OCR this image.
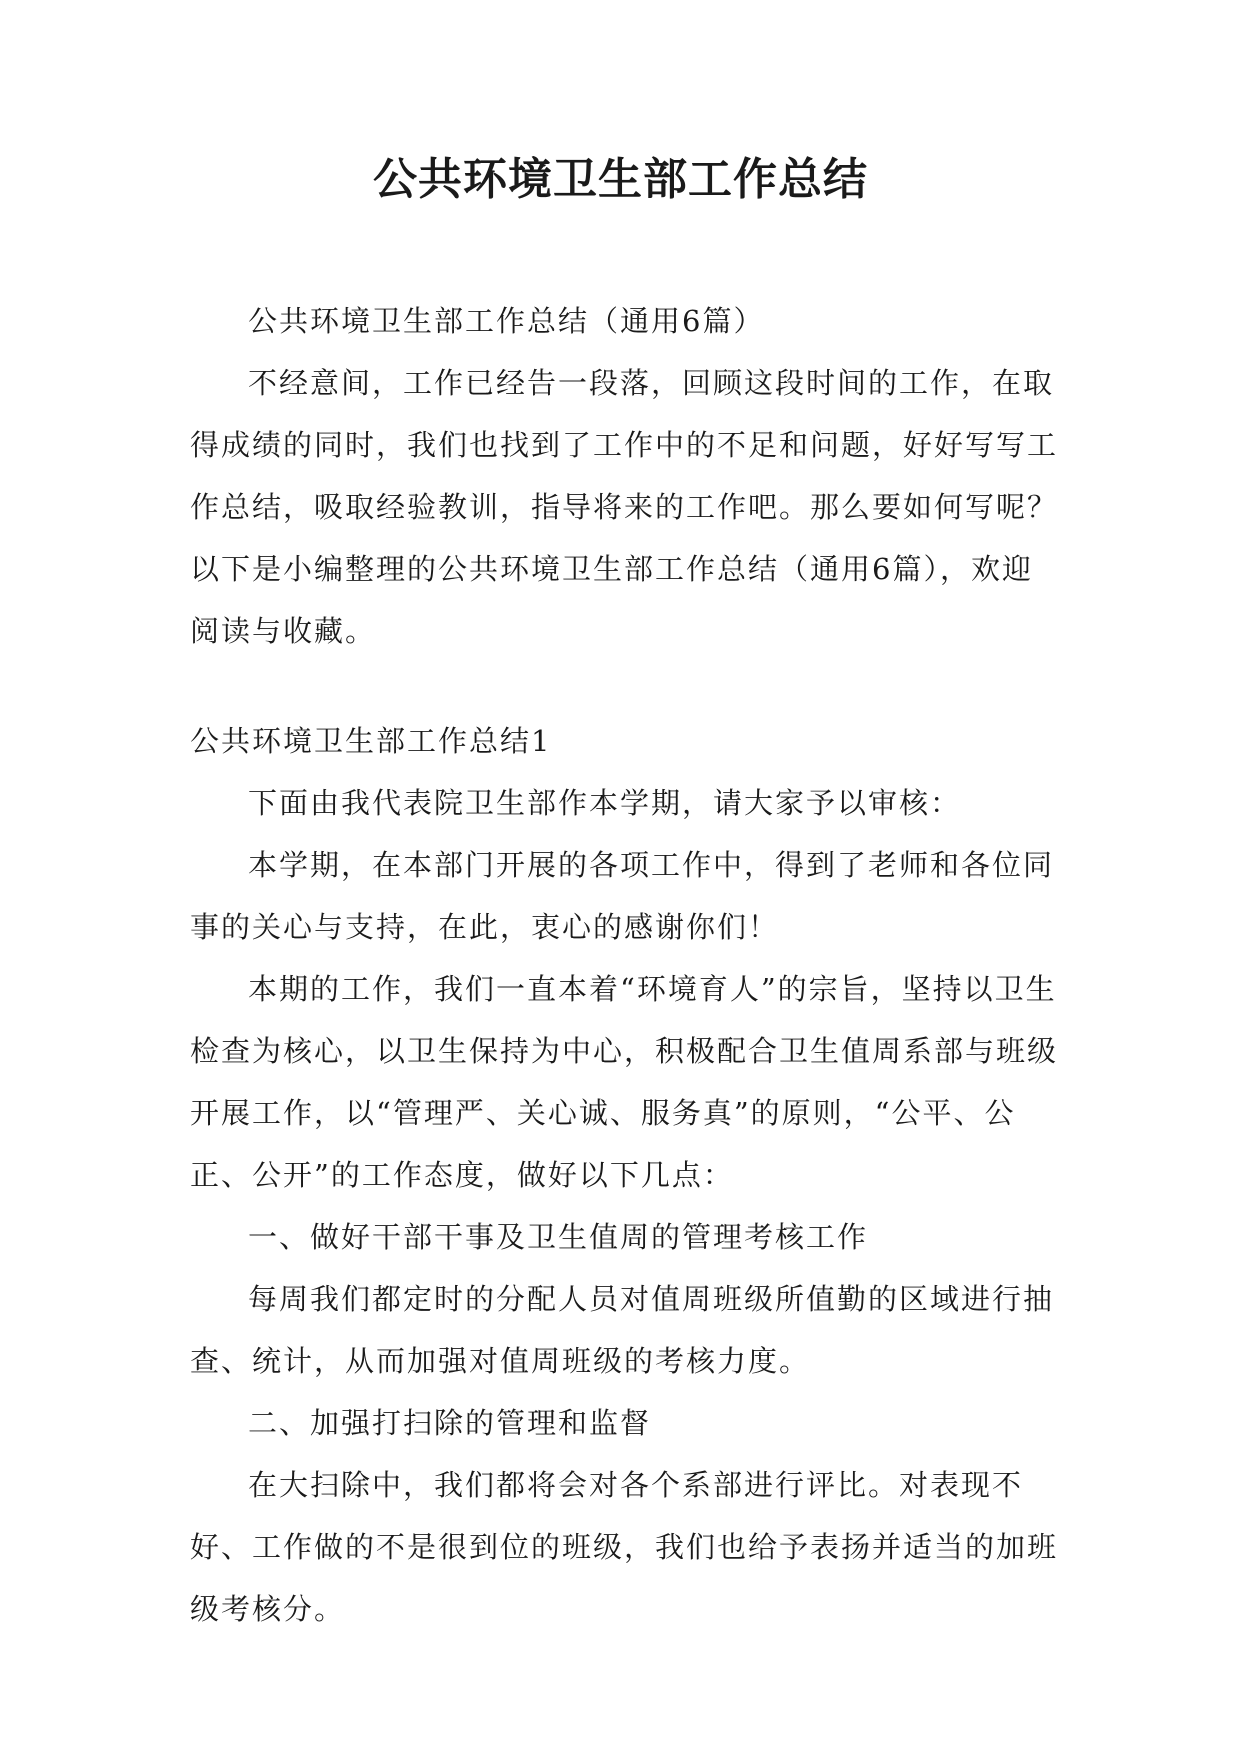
公共环境卫生部工作总结

公共环境卫生部工作总结（通用6篇）

不经意间，工作已经告一段落，回顾这段时间的工作，在取得成绩的同时，我们也找到了工作中的不足和问题，好好写写工作总结，吸取经验教训，指导将来的工作吧。那么要如何写呢？以下是小编整理的公共环境卫生部工作总结（通用6篇），欢迎阅读与收藏。

公共环境卫生部工作总结1

下面由我代表院卫生部作本学期，请大家予以审核：

本学期，在本部门开展的各项工作中，得到了老师和各位同事的关心与支持，在此，衷心的感谢你们！

本期的工作，我们一直本着“环境育人”的宗旨，坚持以卫生检查为核心，以卫生保持为中心，积极配合卫生值周系部与班级开展工作，以“管理严、关心诚、服务真”的原则，“公平、公正、公开”的工作态度，做好以下几点：

一、做好干部干事及卫生值周的管理考核工作

每周我们都定时的分配人员对值周班级所值勤的区域进行抽查、统计，从而加强对值周班级的考核力度。

二、加强打扫除的管理和监督

在大扫除中，我们都将会对各个系部进行评比。对表现不好、工作做的不是很到位的班级，我们也给予表扬并适当的加班级考核分。
